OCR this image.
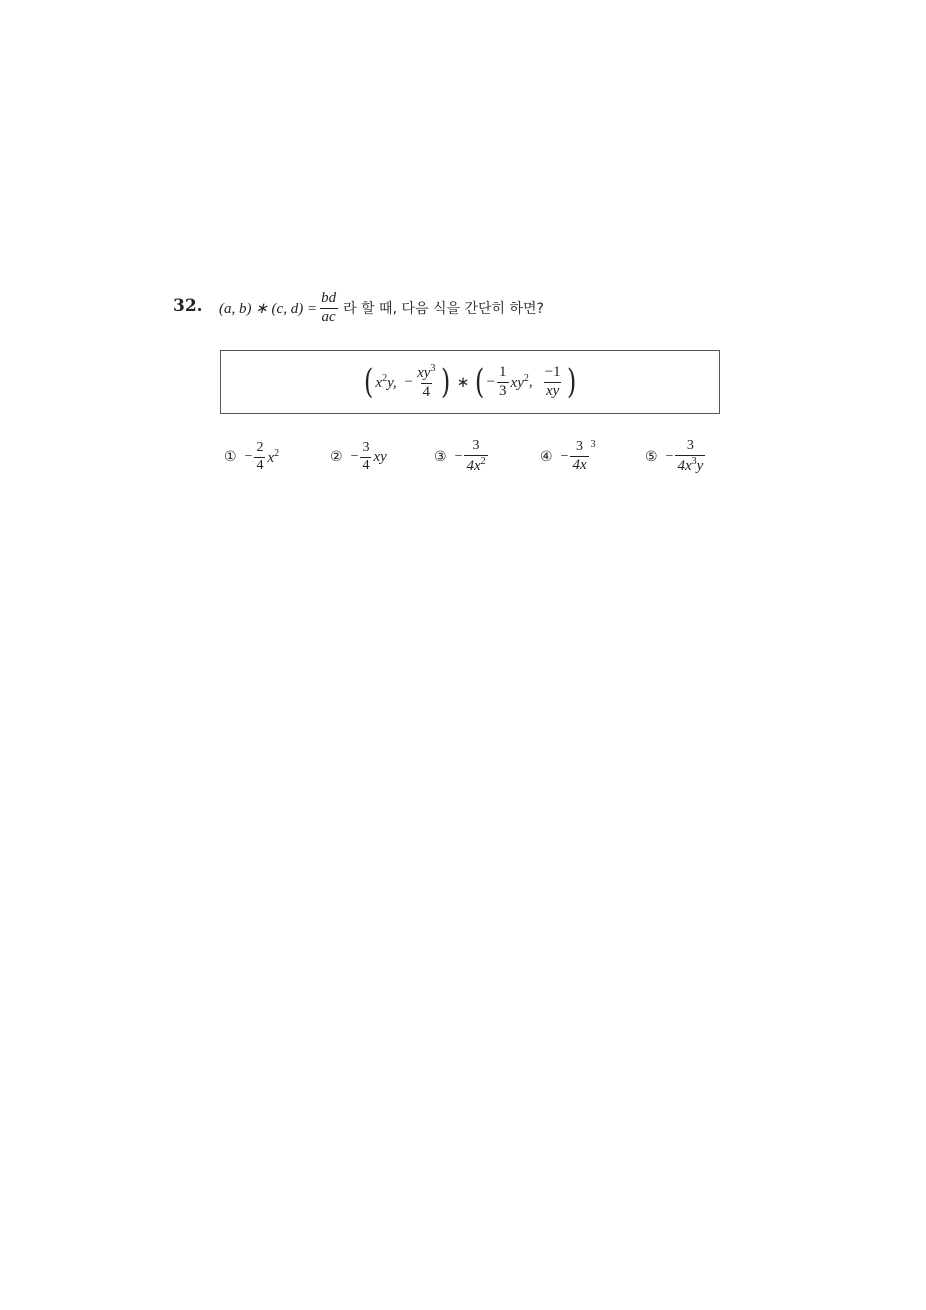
32. (a, b) ∗ (c, $d) = \frac{bd}{ac}$ 라 할 때, 다음 식을 간단히 하면?
( $x^2y$, − $\frac{xy^3}{4}$ ) ∗ ( − $\frac{1}{3} xy^2$ , $\frac{-1}{xy}$ )
① − $\frac{2}{4} x^2$	② − $\frac{3}{4}$ xy	③ − $\frac{3}{4x^2}$	④ − $\frac{3}{4x} 3$
⑤ − $\frac{3}{4x^3y}$
